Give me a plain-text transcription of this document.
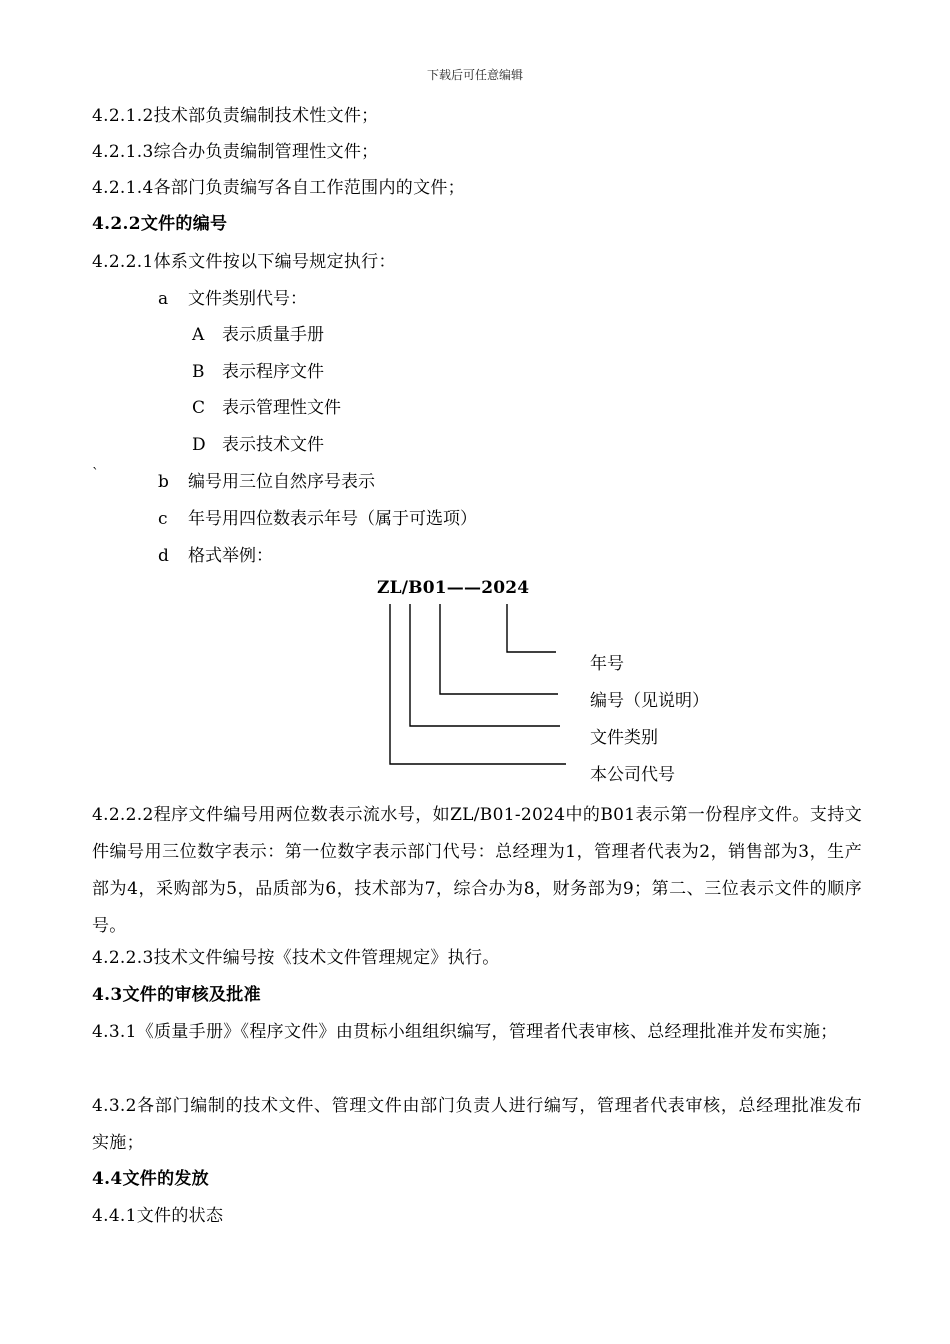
下载后可任意编辑
4.2.1.2技术部负责编制技术性文件；
4.2.1.3综合办负责编制管理性文件；
4.2.1.4各部门负责编写各自工作范围内的文件；
4.2.2文件的编号
4.2.2.1体系文件按以下编号规定执行：
a 文件类别代号：
A 表示质量手册
B 表示程序文件
C 表示管理性文件
D 表示技术文件
`	b 编号用三位自然序号表示
c 年号用四位数表示年号（属于可选项）
d 格式举例：
ZL/B01——2024
年号
编号（见说明）
文件类别
本公司代号
4.2.2.2程序文件编号用两位数表示流水号，如ZL/B01-2024中的B01表示第一份程序文件。支持文件编号用三位数字表示：第一位数字表示部门代号：总经理为1，管理者代表为2，销售部为3，生产部为4，采购部为5，品质部为6，技术部为7，综合办为8，财务部为9；第二、三位表示文件的顺序号。
4.2.2.3技术文件编号按《技术文件管理规定》执行。
4.3文件的审核及批准
4.3.1《质量手册》《程序文件》由贯标小组组织编写，管理者代表审核、总经理批准并发布实施；
4.3.2各部门编制的技术文件、管理文件由部门负责人进行编写，管理者代表审核，总经理批准发布实施；
4.4文件的发放
4.4.1文件的状态
